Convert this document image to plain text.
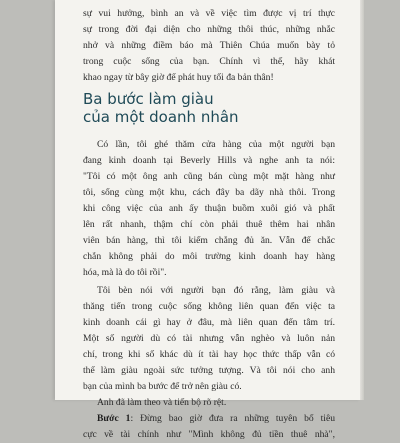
sự vui hưởng, bình an và về việc tìm được vị trí thực
sự trong đời đại diện cho những thôi thúc, những nhắc
nhở và những điềm báo mà Thiên Chúa muốn bày tỏ
trong cuộc sống của bạn. Chính vì thế, hãy khát
khao ngay từ bây giờ để phát huy tối đa bản thân!

Ba bước làm giàu
của một doanh nhân

Có lần, tôi ghé thăm cửa hàng của một người bạn
đang kinh doanh tại Beverly Hills và nghe anh ta nói:
"Tôi có một ông anh cũng bán cùng một mặt hàng như
tôi, sống cùng một khu, cách đây ba dãy nhà thôi. Trong
khi công việc của anh ấy thuận buồm xuôi gió và phất
lên rất nhanh, thậm chí còn phải thuê thêm hai nhân
viên bán hàng, thì tôi kiếm chẳng đủ ăn. Vẫn để chắc
chắn không phải do môi trường kinh doanh hay hàng
hóa, mà là do tôi rồi".

Tôi bèn nói với người bạn đó rằng, làm giàu và
thăng tiến trong cuộc sống không liên quan đến việc ta
kinh doanh cái gì hay ở đâu, mà liên quan đến tâm trí.
Một số người dù có tài nhưng vẫn nghèo và luôn nản
chí, trong khi số khác dù ít tài hay học thức thấp vẫn có
thể làm giàu ngoài sức tưởng tượng. Và tôi nói cho anh
bạn của mình ba bước để trở nên giàu có.

Anh đã làm theo và tiến bộ rõ rệt.

Bước 1: Đừng bao giờ đưa ra những tuyên bố tiêu
cực về tài chính như "Mình không đủ tiền thuê nhà",
